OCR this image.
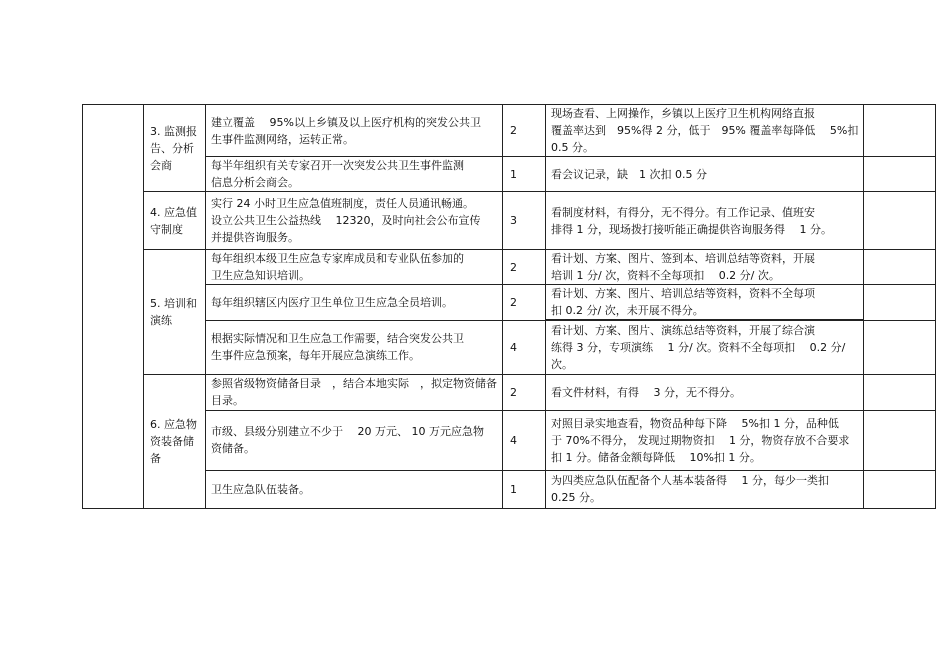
	3. 监测报
告、分析
会商	建立覆盖　 95%以上乡镇及以上医疗机构的突发公共卫
生事件监测网络，运转正常。	2	现场查看、上网操作，乡镇以上医疗卫生机构网络直报
覆盖率达到　95%得 2 分，低于　95% 覆盖率每降低　 5%扣
0.5 分。	

		每半年组织有关专家召开一次突发公共卫生事件监测
信息分析会商会。	1	看会议记录，缺　1 次扣 0.5 分	

	4. 应急值
守制度	实行 24 小时卫生应急值班制度，责任人员通讯畅通。
设立公共卫生公益热线　 12320，及时向社会公布宣传
并提供咨询服务。	3	看制度材料，有得分，无不得分。有工作记录、值班安
排得 1 分，现场拨打接听能正确提供咨询服务得　 1 分。	

	5. 培训和
演练	每年组织本级卫生应急专家库成员和专业队伍参加的
卫生应急知识培训。	2	看计划、方案、图片、签到本、培训总结等资料，开展
培训 1 分/ 次，资料不全每项扣　 0.2 分/ 次。	

		每年组织辖区内医疗卫生单位卫生应急全员培训。	2	看计划、方案、图片、培训总结等资料，资料不全每项
扣 0.2 分/ 次，未开展不得分。	

		根据实际情况和卫生应急工作需要，结合突发公共卫
生事件应急预案，每年开展应急演练工作。	4	看计划、方案、图片、演练总结等资料，开展了综合演
练得 3 分，专项演练　 1 分/ 次。资料不全每项扣　 0.2 分/
次。	

	6. 应急物
资装备储
备	参照省级物资储备目录　，结合本地实际　，拟定物资储备
目录。	2	看文件材料，有得　 3 分，无不得分。	

		市级、县级分别建立不少于　 20 万元、 10 万元应急物
资储备。	4	对照目录实地查看，物资品种每下降　 5%扣 1 分，品种低
于 70%不得分， 发现过期物资扣　 1 分，物资存放不合要求
扣 1 分。储备金额每降低　 10%扣 1 分。	

		卫生应急队伍装备。	1	为四类应急队伍配备个人基本装备得　 1 分，每少一类扣
0.25 分。	
